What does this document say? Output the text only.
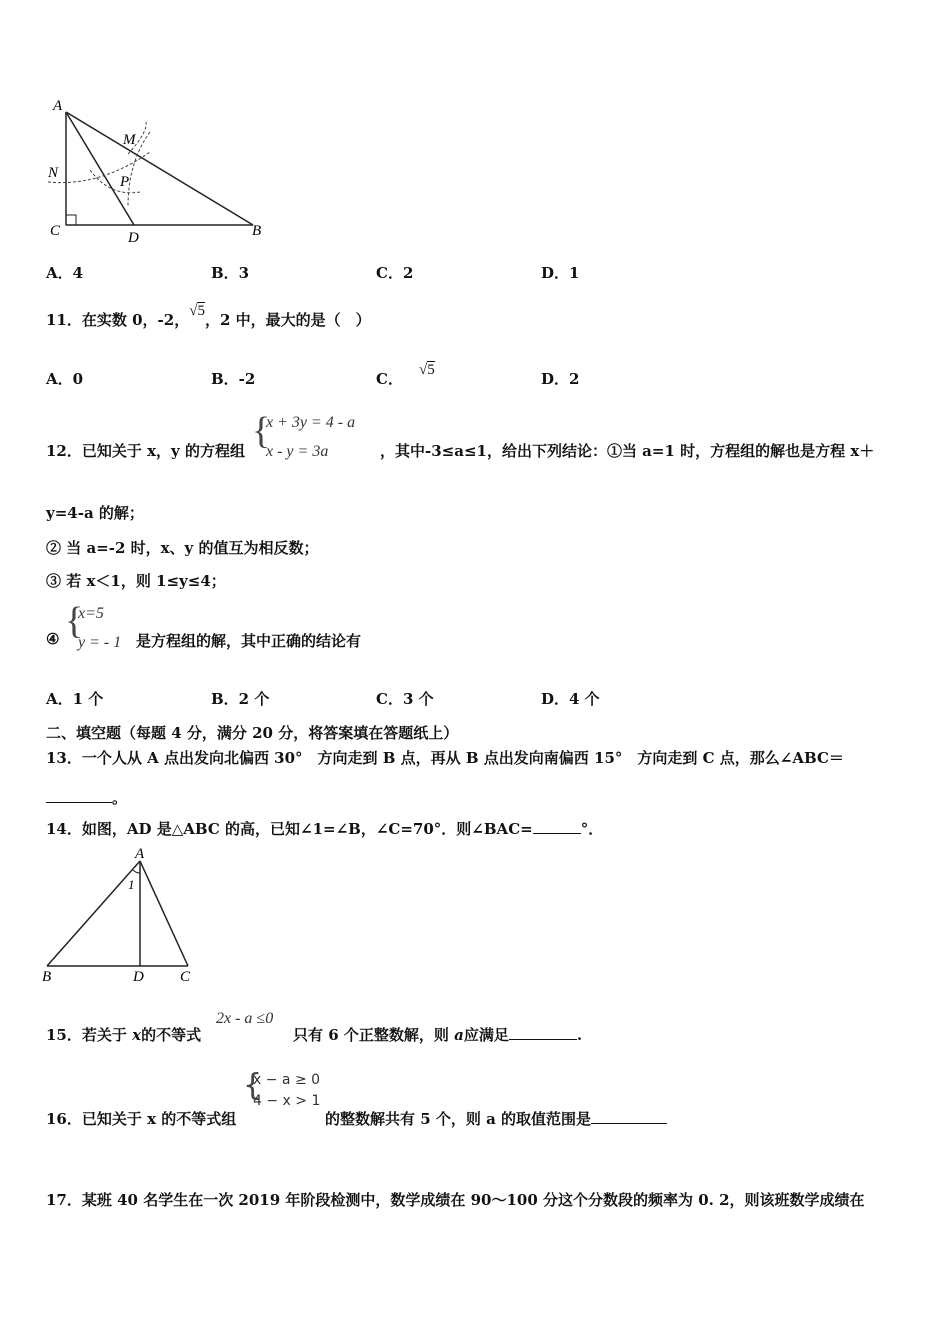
A
M
N
P
C	D	B
A．4	B．3	C．2	D．1
11．在实数 0，-2，√5，2 中，最大的是（　）
A．0	B．-2	C． √5	D．2
12．已知关于 x，y 的方程组 {
x + 3y = 4 - a
x - y = 3a	，其中-3≤a≤1，给出下列结论：①当 a=1 时，方程组的解也是方程 x＋
y=4-a 的解；
② 当 a=-2 时，x、y 的值互为相反数；
③ 若 x＜1，则 1≤y≤4；
④ {
x=5
y = - 1 是方程组的解，其中正确的结论有
A．1 个	B．2 个	C．3 个	D．4 个
二、填空题（每题 4 分，满分 20 分，将答案填在答题纸上）
13．一个人从 A 点出发向北偏西 30°　方向走到 B 点，再从 B 点出发向南偏西 15°　方向走到 C 点，那么∠ABC＝
。
14．如图，AD 是△ABC 的高，已知∠1=∠B，∠C=70°．则∠BAC=	°．
A
1
B	D C
15．若关于 x的不等式
2x - a ≤0
只有 6 个正整数解，则 a应满足	.
16．已知关于 x 的不等式组
{
x − a ≥ 0
4 − x > 1
的整数解共有 5 个，则 a 的取值范围是
17．某班 40 名学生在一次 2019 年阶段检测中，数学成绩在 90～100 分这个分数段的频率为 0. 2，则该班数学成绩在
